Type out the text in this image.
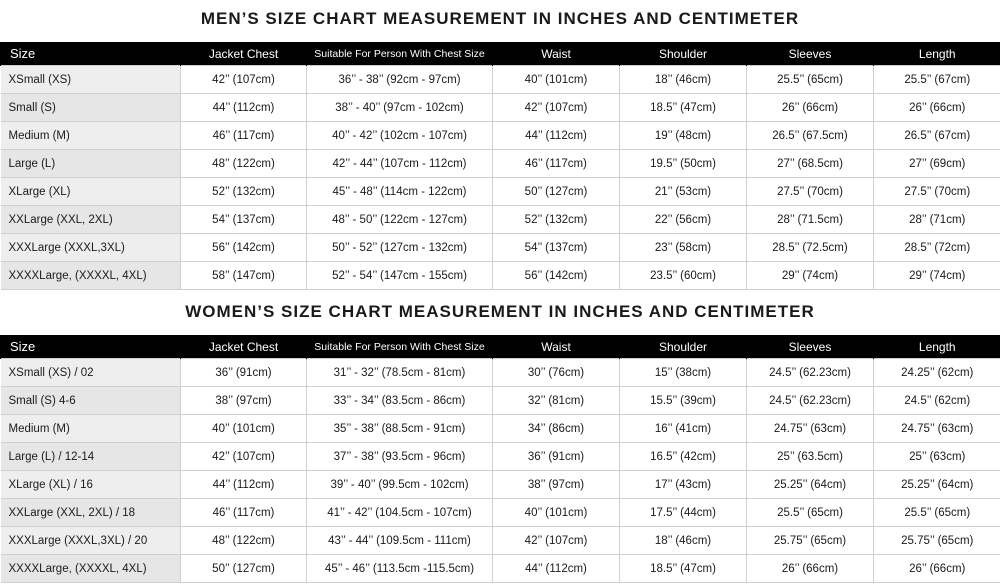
MEN’S SIZE CHART MEASUREMENT IN INCHES AND CENTIMETER
Size	Jacket Chest	Suitable For Person With Chest Size	Waist	Shoulder	Sleeves	Length
XSmall (XS)	42’’ (107cm)	36’’ - 38’’ (92cm - 97cm)	40’’ (101cm)	18’’ (46cm)	25.5’’ (65cm)	25.5’’ (67cm)
Small (S)	44’’ (112cm)	38’’ - 40’’ (97cm - 102cm)	42’’ (107cm)	18.5’’ (47cm)	26’’ (66cm)	26’’ (66cm)
Medium (M)	46’’ (117cm)	40’’ - 42’’ (102cm - 107cm)	44’’ (112cm)	19’’ (48cm)	26.5’’ (67.5cm)	26.5’’ (67cm)
Large (L)	48’’ (122cm)	42’’ - 44’’ (107cm - 112cm)	46’’ (117cm)	19.5’’ (50cm)	27’’ (68.5cm)	27’’ (69cm)
XLarge (XL)	52’’ (132cm)	45’’ - 48’’ (114cm - 122cm)	50’’ (127cm)	21’’ (53cm)	27.5’’ (70cm)	27.5’’ (70cm)
XXLarge (XXL, 2XL)	54’’ (137cm)	48’’ - 50’’ (122cm - 127cm)	52’’ (132cm)	22’’ (56cm)	28’’ (71.5cm)	28’’ (71cm)
XXXLarge (XXXL,3XL)	56’’ (142cm)	50’’ - 52’’ (127cm - 132cm)	54’’ (137cm)	23’’ (58cm)	28.5’’ (72.5cm)	28.5’’ (72cm)
XXXXLarge, (XXXXL, 4XL)	58’’ (147cm)	52’’ - 54’’ (147cm - 155cm)	56’’ (142cm)	23.5’’ (60cm)	29’’ (74cm)	29’’ (74cm)
WOMEN’S SIZE CHART MEASUREMENT IN INCHES AND CENTIMETER
Size	Jacket Chest	Suitable For Person With Chest Size	Waist	Shoulder	Sleeves	Length
XSmall (XS) / 02	36’’ (91cm)	31’’ - 32’’ (78.5cm - 81cm)	30’’ (76cm)	15’’ (38cm)	24.5’’ (62.23cm)	24.25’’ (62cm)
Small (S) 4-6	38’’ (97cm)	33’’ - 34’’ (83.5cm - 86cm)	32’’ (81cm)	15.5’’ (39cm)	24.5’’ (62.23cm)	24.5’’ (62cm)
Medium (M)	40’’ (101cm)	35’’ - 38’’ (88.5cm - 91cm)	34’’ (86cm)	16’’ (41cm)	24.75’’ (63cm)	24.75’’ (63cm)
Large (L) / 12-14	42’’ (107cm)	37’’ - 38’’ (93.5cm - 96cm)	36’’ (91cm)	16.5’’ (42cm)	25’’ (63.5cm)	25’’ (63cm)
XLarge (XL) / 16	44’’ (112cm)	39’’ - 40’’ (99.5cm - 102cm)	38’’ (97cm)	17’’ (43cm)	25.25’’ (64cm)	25.25’’ (64cm)
XXLarge (XXL, 2XL) / 18	46’’ (117cm)	41’’ - 42’’ (104.5cm - 107cm)	40’’ (101cm)	17.5’’ (44cm)	25.5’’ (65cm)	25.5’’ (65cm)
XXXLarge (XXXL,3XL) / 20	48’’ (122cm)	43’’ - 44’’ (109.5cm - 111cm)	42’’ (107cm)	18’’ (46cm)	25.75’’ (65cm)	25.75’’ (65cm)
XXXXLarge, (XXXXL, 4XL)	50’’ (127cm)	45’’ - 46’’ (113.5cm -115.5cm)	44’’ (112cm)	18.5’’ (47cm)	26’’ (66cm)	26’’ (66cm)
